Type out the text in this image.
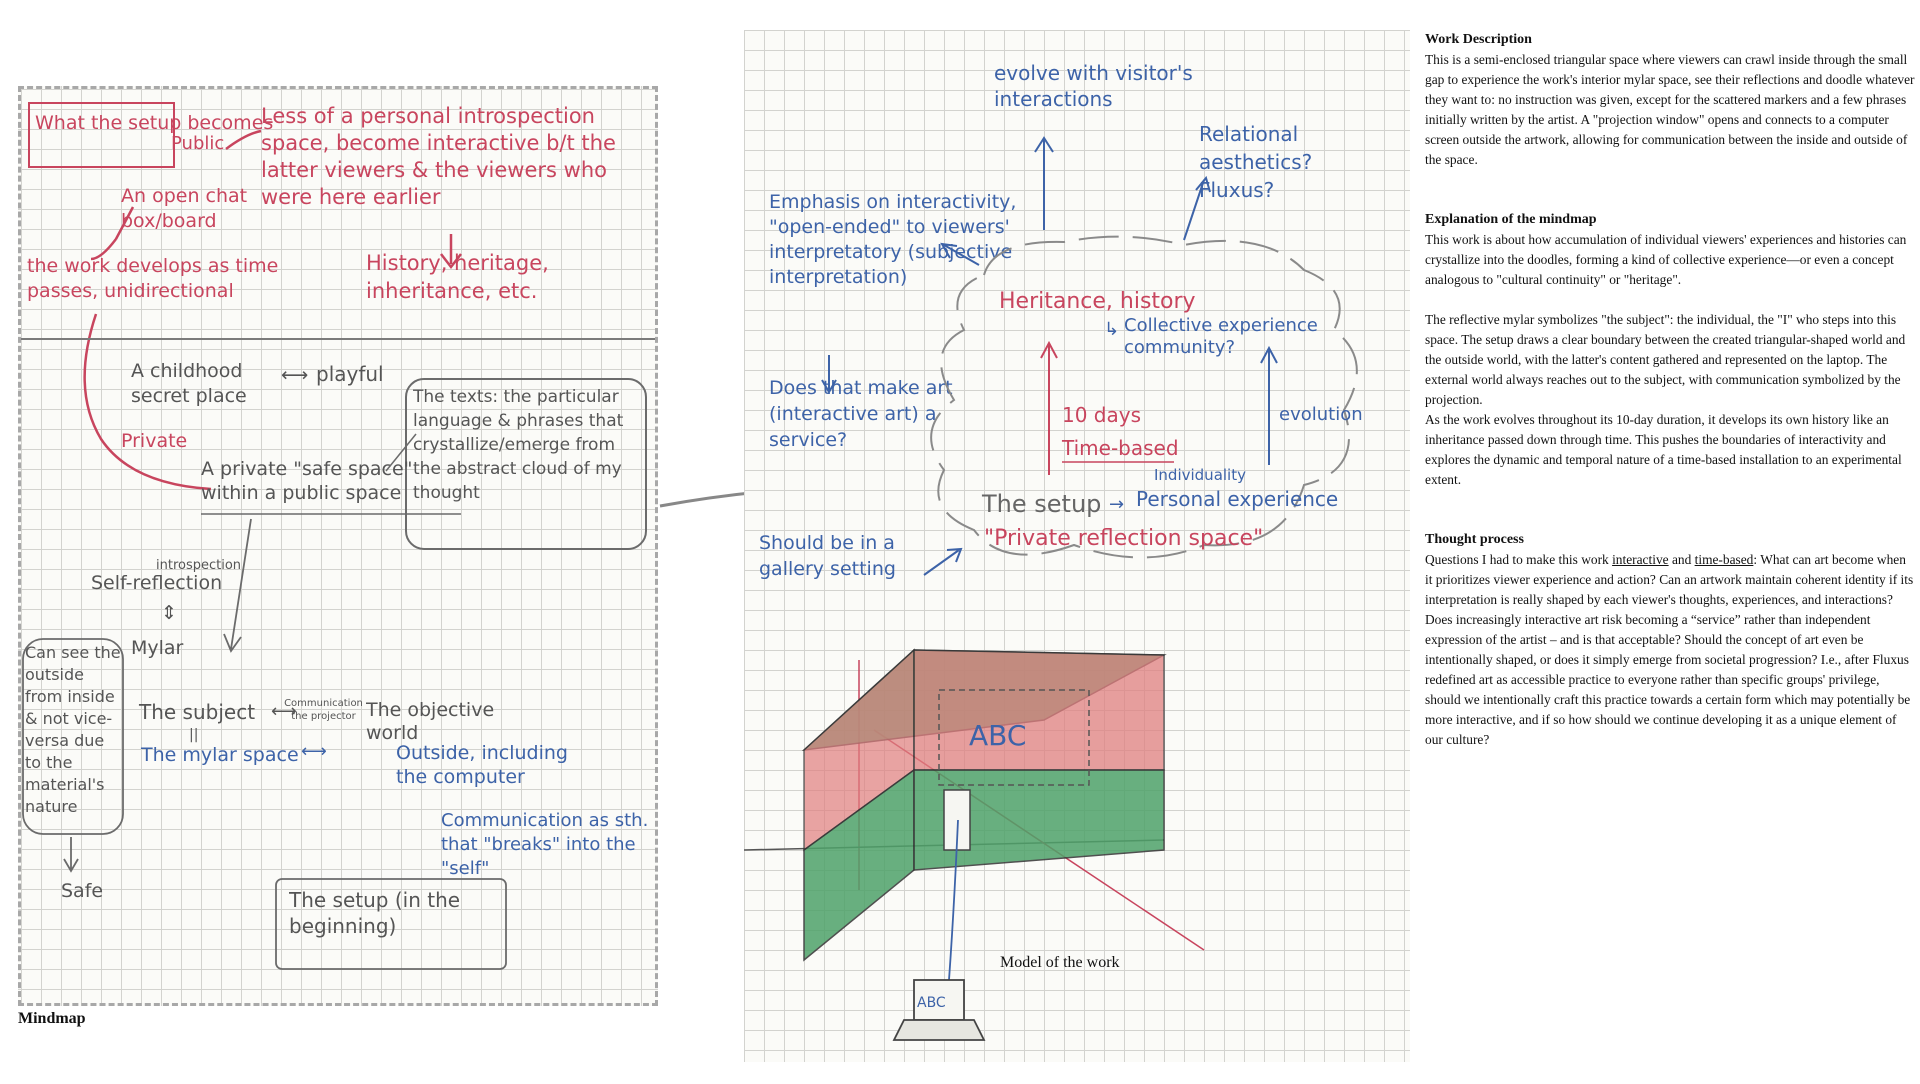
What the setup becomes
Public
Less of a personal introspection space, become interactive b/t the latter viewers & the viewers who were here earlier
An open chat box/board
the work develops as time passes, unidirectional
History, heritage, inheritance, etc.
A childhood secret place
⟷ playful
The texts: the particular language & phrases that crystallize/emerge from the abstract cloud of my thought
Private
A private "safe space" within a public space
introspection
Self-reflection
⇕
Mylar
Can see the outside from inside & not vice-versa due to the material's nature
Safe
The subject
||
The mylar space
Communication the projector
⟷
⟷
The objective world
Outside, including the computer
Communication as sth. that "breaks" into the "self"
The setup (in the beginning)
Mindmap
evolve with visitor's interactions
Relational aesthetics? Fluxus?
Emphasis on interactivity, "open-ended" to viewers' interpretatory (subjective interpretation)
Does that make art (interactive art) a service?
Heritance, history
↳ Collective experience community?
10 days
Time-based
evolution
Individuality
The setup → Personal experience
"Private reflection space"
Should be in a gallery setting
ABC
ABC
Model of the work
Work Description

This is a semi-enclosed triangular space where viewers can crawl inside through the small gap to experience the work's interior mylar space, see their reflections and doodle whatever they want to: no instruction was given, except for the scattered markers and a few phrases initially written by the artist. A "projection window" opens and connects to a computer screen outside the artwork, allowing for communication between the inside and outside of the space.

Explanation of the mindmap

This work is about how accumulation of individual viewers' experiences and histories can crystallize into the doodles, forming a kind of collective experience—or even a concept analogous to "cultural continuity" or "heritage".

The reflective mylar symbolizes "the subject": the individual, the "I" who steps into this space. The setup draws a clear boundary between the created triangular-shaped world and the outside world, with the latter's content gathered and represented on the laptop. The external world always reaches out to the subject, with communication symbolized by the projection.

As the work evolves throughout its 10-day duration, it develops its own history like an inheritance passed down through time. This pushes the boundaries of interactivity and explores the dynamic and temporal nature of a time-based installation to an experimental extent.

Thought process

Questions I had to make this work interactive and time-based: What can art become when it prioritizes viewer experience and action? Can an artwork maintain coherent identity if its interpretation is really shaped by each viewer's thoughts, experiences, and interactions? Does increasingly interactive art risk becoming a “service” rather than independent expression of the artist – and is that acceptable? Should the concept of art even be intentionally shaped, or does it simply emerge from societal progression? I.e., after Fluxus redefined art as accessible practice to everyone rather than specific groups' privilege, should we intentionally craft this practice towards a certain form which may potentially be more interactive, and if so how should we continue developing it as a unique element of our culture?
